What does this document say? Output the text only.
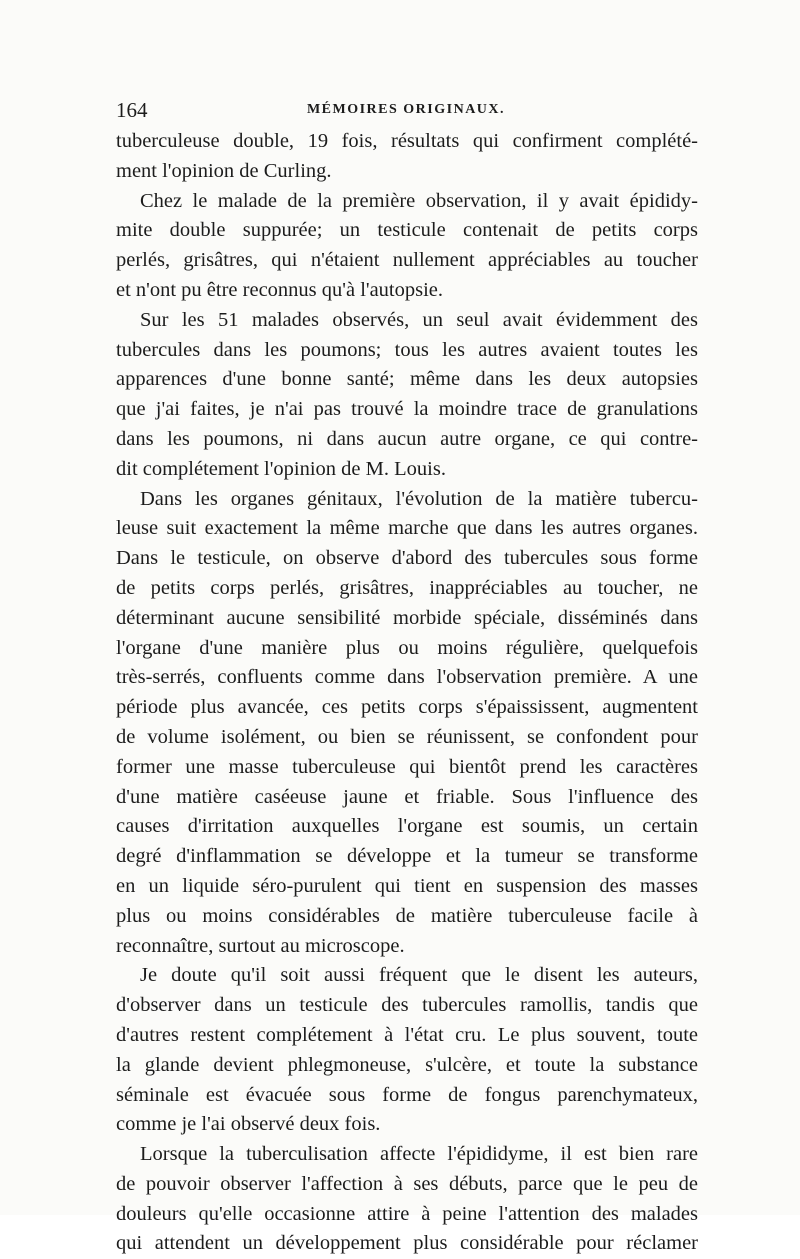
164	MÉMOIRES ORIGINAUX.
tuberculeuse double, 19 fois, résultats qui confirment complété-
ment l'opinion de Curling.
Chez le malade de la première observation, il y avait épididy-
mite double suppurée; un testicule contenait de petits corps
perlés, grisâtres, qui n'étaient nullement appréciables au toucher
et n'ont pu être reconnus qu'à l'autopsie.
Sur les 51 malades observés, un seul avait évidemment des
tubercules dans les poumons; tous les autres avaient toutes les
apparences d'une bonne santé; même dans les deux autopsies
que j'ai faites, je n'ai pas trouvé la moindre trace de granulations
dans les poumons, ni dans aucun autre organe, ce qui contre-
dit complétement l'opinion de M. Louis.
Dans les organes génitaux, l'évolution de la matière tubercu-
leuse suit exactement la même marche que dans les autres organes.
Dans le testicule, on observe d'abord des tubercules sous forme
de petits corps perlés, grisâtres, inappréciables au toucher, ne
déterminant aucune sensibilité morbide spéciale, disséminés dans
l'organe d'une manière plus ou moins régulière, quelquefois
très-serrés, confluents comme dans l'observation première. A une
période plus avancée, ces petits corps s'épaississent, augmentent
de volume isolément, ou bien se réunissent, se confondent pour
former une masse tuberculeuse qui bientôt prend les caractères
d'une matière caséeuse jaune et friable. Sous l'influence des
causes d'irritation auxquelles l'organe est soumis, un certain
degré d'inflammation se développe et la tumeur se transforme
en un liquide séro-purulent qui tient en suspension des masses
plus ou moins considérables de matière tuberculeuse facile à
reconnaître, surtout au microscope.
Je doute qu'il soit aussi fréquent que le disent les auteurs,
d'observer dans un testicule des tubercules ramollis, tandis que
d'autres restent complétement à l'état cru. Le plus souvent, toute
la glande devient phlegmoneuse, s'ulcère, et toute la substance
séminale est évacuée sous forme de fongus parenchymateux,
comme je l'ai observé deux fois.
Lorsque la tuberculisation affecte l'épididyme, il est bien rare
de pouvoir observer l'affection à ses débuts, parce que le peu de
douleurs qu'elle occasionne attire à peine l'attention des malades
qui attendent un développement plus considérable pour réclamer
